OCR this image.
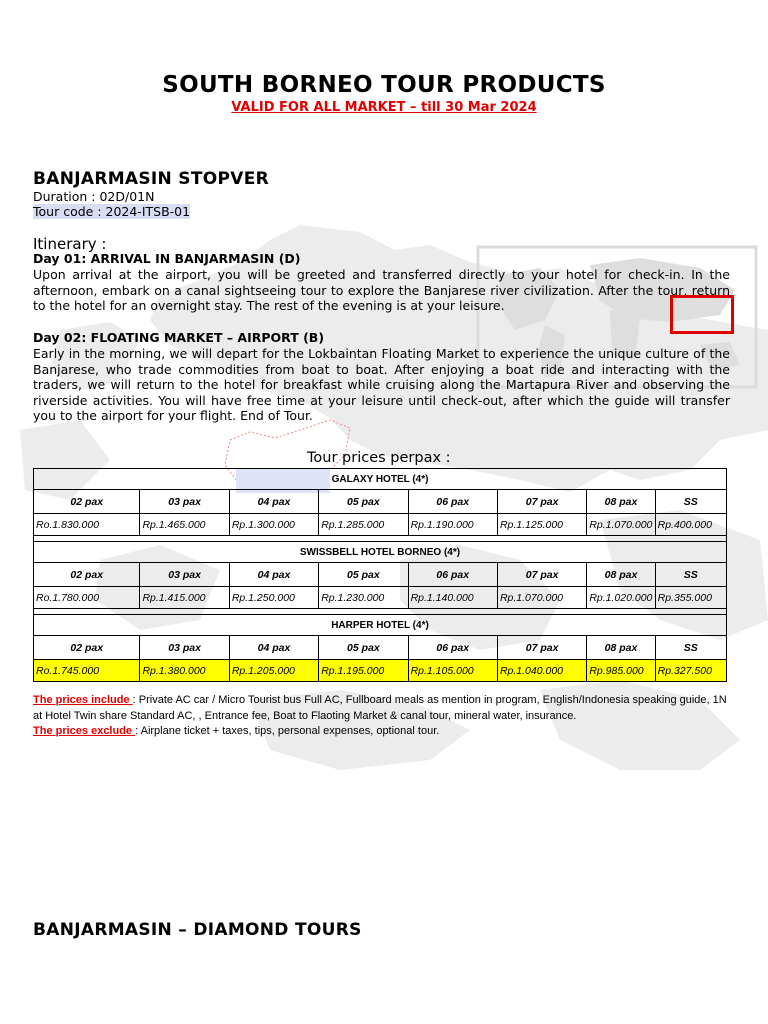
SOUTH BORNEO TOUR PRODUCTS
VALID FOR ALL MARKET – till 30 Mar 2024
BANJARMASIN STOPVER
Duration : 02D/01N
Tour code : 2024-ITSB-01
Itinerary :
Day 01: ARRIVAL IN BANJARMASIN (D)
Upon arrival at the airport, you will be greeted and transferred directly to your hotel for check-in. In the afternoon, embark on a canal sightseeing tour to explore the Banjarese river civilization. After the tour, return to the hotel for an overnight stay. The rest of the evening is at your leisure.
Day 02: FLOATING MARKET – AIRPORT (B)
Early in the morning, we will depart for the Lokbaintan Floating Market to experience the unique culture of the Banjarese, who trade commodities from boat to boat. After enjoying a boat ride and interacting with the traders, we will return to the hotel for breakfast while cruising along the Martapura River and observing the riverside activities. You will have free time at your leisure until check-out, after which the guide will transfer you to the airport for your flight. End of Tour.
Tour prices perpax :
GALAXY HOTEL (4*)							
02 pax	03 pax	04 pax	05 pax	06 pax	07 pax	08 pax	SS
Ro.1.830.000	Rp.1.465.000	Rp.1.300.000	Rp.1.285.000	Rp.1.190.000	Rp.1.125.000	Rp.1.070.000	Rp.400.000

SWISSBELL HOTEL BORNEO (4*)							
02 pax	03 pax	04 pax	05 pax	06 pax	07 pax	08 pax	SS
Ro.1.780.000	Rp.1.415.000	Rp.1.250.000	Rp.1.230.000	Rp.1.140.000	Rp.1.070.000	Rp.1.020.000	Rp.355.000

HARPER HOTEL (4*)							
02 pax	03 pax	04 pax	05 pax	06 pax	07 pax	08 pax	SS
Ro.1.745.000	Rp.1.380.000	Rp.1.205.000	Rp.1.195.000	Rp.1.105.000	Rp.1.040.000	Rp.985.000	Rp.327.500
The prices include : Private AC car / Micro Tourist bus Full AC, Fullboard meals as mention in program, English/Indonesia speaking guide, 1N at Hotel Twin share Standard AC, , Entrance fee, Boat to Flaoting Market & canal tour, mineral water, insurance.
The prices exclude : Airplane ticket + taxes, tips, personal expenses, optional tour.
BANJARMASIN – DIAMOND TOURS
